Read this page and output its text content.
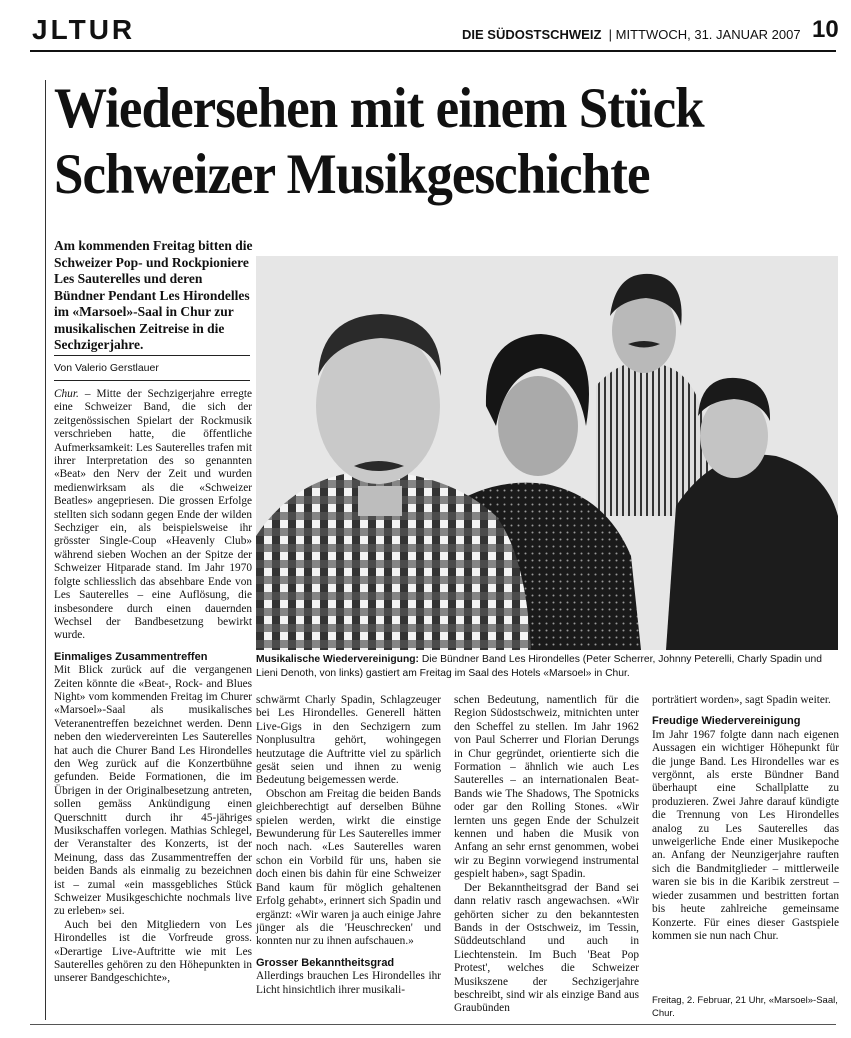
JLTUR	DIE SÜDOSTSCHWEIZ  | MITTWOCH, 31. JANUAR 2007 10
Wiedersehen mit einem Stück
Schweizer Musikgeschichte
Am kommenden Freitag bitten die Schweizer Pop- und Rockpioniere Les Sauterelles und deren Bündner Pendant Les Hirondelles im «Marsoel»-Saal in Chur zur musikalischen Zeitreise in die Sechzigerjahre.
Von Valerio Gerstlauer

Chur. – Mitte der Sechzigerjahre erregte eine Schweizer Band, die sich der zeitgenössischen Spielart der Rockmusik verschrieben hatte, die öffentliche Aufmerksamkeit: Les Sauterelles trafen mit ihrer Interpretation des so genannten «Beat» den Nerv der Zeit und wurden medienwirksam als die «Schweizer Beatles» angepriesen. Die grossen Erfolge stellten sich sodann gegen Ende der wilden Sechziger ein, als beispielsweise ihr grösster Single-Coup «Heavenly Club» während sieben Wochen an der Spitze der Schweizer Hitparade stand. Im Jahr 1970 folgte schliesslich das absehbare Ende von Les Sauterelles – eine Auflösung, die insbesondere durch einen dauernden Wechsel der Bandbesetzung bewirkt wurde.

Einmaliges Zusammentreffen

Mit Blick zurück auf die vergangenen Zeiten könnte die «Beat-, Rock- and Blues Night» vom kommenden Freitag im Churer «Marsoel»-Saal als musikalisches Veteranentreffen bezeichnet werden. Denn neben den wiedervereinten Les Sauterelles hat auch die Churer Band Les Hirondelles den Weg zurück auf die Konzertbühne gefunden. Beide Formationen, die im Übrigen in der Originalbesetzung antreten, sollen gemäss Ankündigung einen Querschnitt durch ihr 45-jähriges Musikschaffen vorlegen. Mathias Schlegel, der Veranstalter des Konzerts, ist der Meinung, dass das Zusammentreffen der beiden Bands als einmalig zu bezeichnen ist – zumal «ein massgebliches Stück Schweizer Musikgeschichte nochmals live zu erleben» sei.

Auch bei den Mitgliedern von Les Hirondelles ist die Vorfreude gross. «Derartige Live-Auftritte wie mit Les Sauterelles gehören zu den Höhepunkten in unserer Bandgeschichte»,

Musikalische Wiedervereinigung: Die Bündner Band Les Hirondelles (Peter Scherrer, Johnny Peterelli, Charly Spadin und Lieni Denoth, von links) gastiert am Freitag im Saal des Hotels «Marsoel» in Chur.

schwärmt Charly Spadin, Schlagzeuger bei Les Hirondelles. Generell hätten Live-Gigs in den Sechzigern zum Nonplusultra gehört, wohingegen heutzutage die Auftritte viel zu spärlich gesät seien und ihnen zu wenig Bedeutung beigemessen werde.

Obschon am Freitag die beiden Bands gleichberechtigt auf derselben Bühne spielen werden, wirkt die einstige Bewunderung für Les Sauterelles immer noch nach. «Les Sauterelles waren schon ein Vorbild für uns, haben sie doch einen bis dahin für eine Schweizer Band kaum für möglich gehaltenen Erfolg gehabt», erinnert sich Spadin und ergänzt: «Wir waren ja auch einige Jahre jünger als die 'Heuschrecken' und konnten nur zu ihnen aufschauen.»

Grosser Bekanntheitsgrad

Allerdings brauchen Les Hirondelles ihr Licht hinsichtlich ihrer musikali-

schen Bedeutung, namentlich für die Region Südostschweiz, mitnichten unter den Scheffel zu stellen. Im Jahr 1962 von Paul Scherrer und Florian Derungs in Chur gegründet, orientierte sich die Formation – ähnlich wie auch Les Sauterelles – an internationalen Beat-Bands wie The Shadows, The Spotnicks oder gar den Rolling Stones. «Wir lernten uns gegen Ende der Schulzeit kennen und haben die Musik von Anfang an sehr ernst genommen, wobei wir zu Beginn vorwiegend instrumental gespielt haben», sagt Spadin.

Der Bekanntheitsgrad der Band sei dann relativ rasch angewachsen. «Wir gehörten sicher zu den bekanntesten Bands in der Ostschweiz, im Tessin, Süddeutschland und auch in Liechtenstein. Im Buch 'Beat Pop Protest', welches die Schweizer Musikszene der Sechzigerjahre beschreibt, sind wir als einzige Band aus Graubünden

porträtiert worden», sagt Spadin weiter.

Freudige Wiedervereinigung

Im Jahr 1967 folgte dann nach eigenen Aussagen ein wichtiger Höhepunkt für die junge Band. Les Hirondelles war es vergönnt, als erste Bündner Band überhaupt eine Schallplatte zu produzieren. Zwei Jahre darauf kündigte die Trennung von Les Hirondelles analog zu Les Sauterelles das unweigerliche Ende einer Musikepoche an. Anfang der Neunzigerjahre rauften sich die Bandmitglieder – mittlerweile waren sie bis in die Karibik zerstreut – wieder zusammen und bestritten fortan bis heute zahlreiche gemeinsame Konzerte. Für eines dieser Gastspiele kommen sie nun nach Chur.

Freitag, 2. Februar, 21 Uhr, «Marsoel»-Saal, Chur.
